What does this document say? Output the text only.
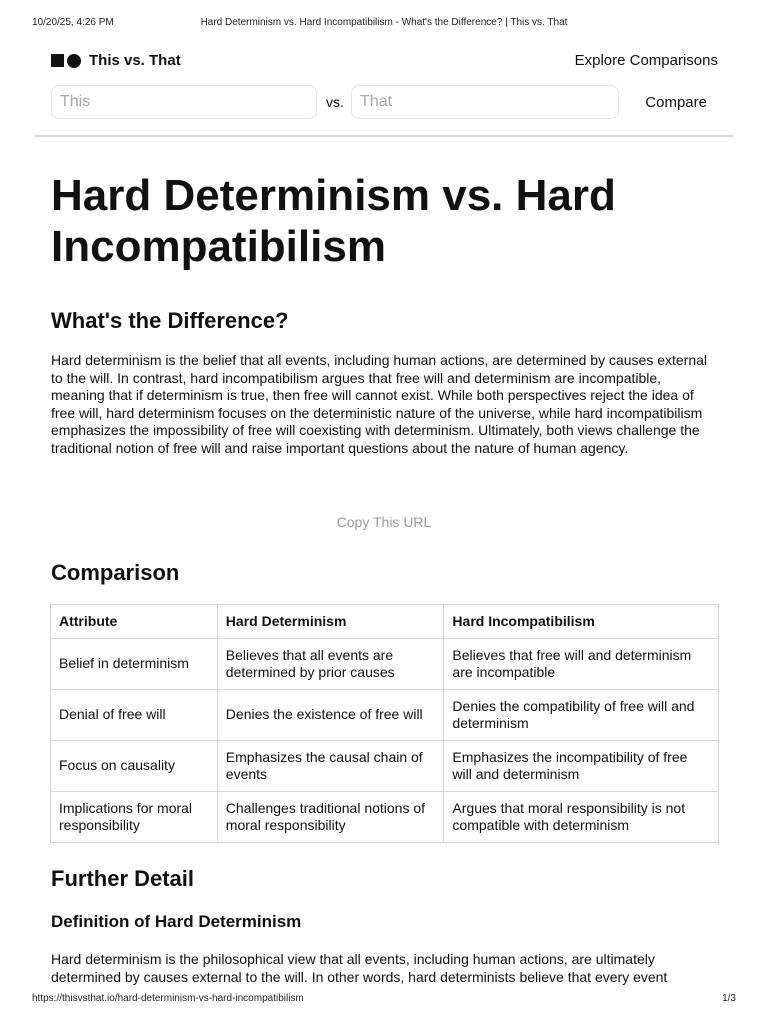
10/20/25, 4:26 PM	Hard Determinism vs. Hard Incompatibilism - What's the Difference? | This vs. That
This vs. That	Explore Comparisons
This
vs.
That	Compare
Hard Determinism vs. Hard Incompatibilism
What's the Difference?

Hard determinism is the belief that all events, including human actions, are determined by causes external to the will. In contrast, hard incompatibilism argues that free will and determinism are incompatible, meaning that if determinism is true, then free will cannot exist. While both perspectives reject the idea of free will, hard determinism focuses on the deterministic nature of the universe, while hard incompatibilism emphasizes the impossibility of free will coexisting with determinism. Ultimately, both views challenge the traditional notion of free will and raise important questions about the nature of human agency.

Copy This URL
Comparison
Attribute	Hard Determinism	Hard Incompatibilism
Belief in determinism	Believes that all events are determined by prior causes	Believes that free will and determinism are incompatible
Denial of free will	Denies the existence of free will	Denies the compatibility of free will and determinism
Focus on causality	Emphasizes the causal chain of events	Emphasizes the incompatibility of free will and determinism
Implications for moral responsibility	Challenges traditional notions of moral responsibility	Argues that moral responsibility is not compatible with determinism
Further Detail
Definition of Hard Determinism

Hard determinism is the philosophical view that all events, including human actions, are ultimately determined by causes external to the will. In other words, hard determinists believe that every event

https://thisvsthat.io/hard-determinism-vs-hard-incompatibilism	1/3
